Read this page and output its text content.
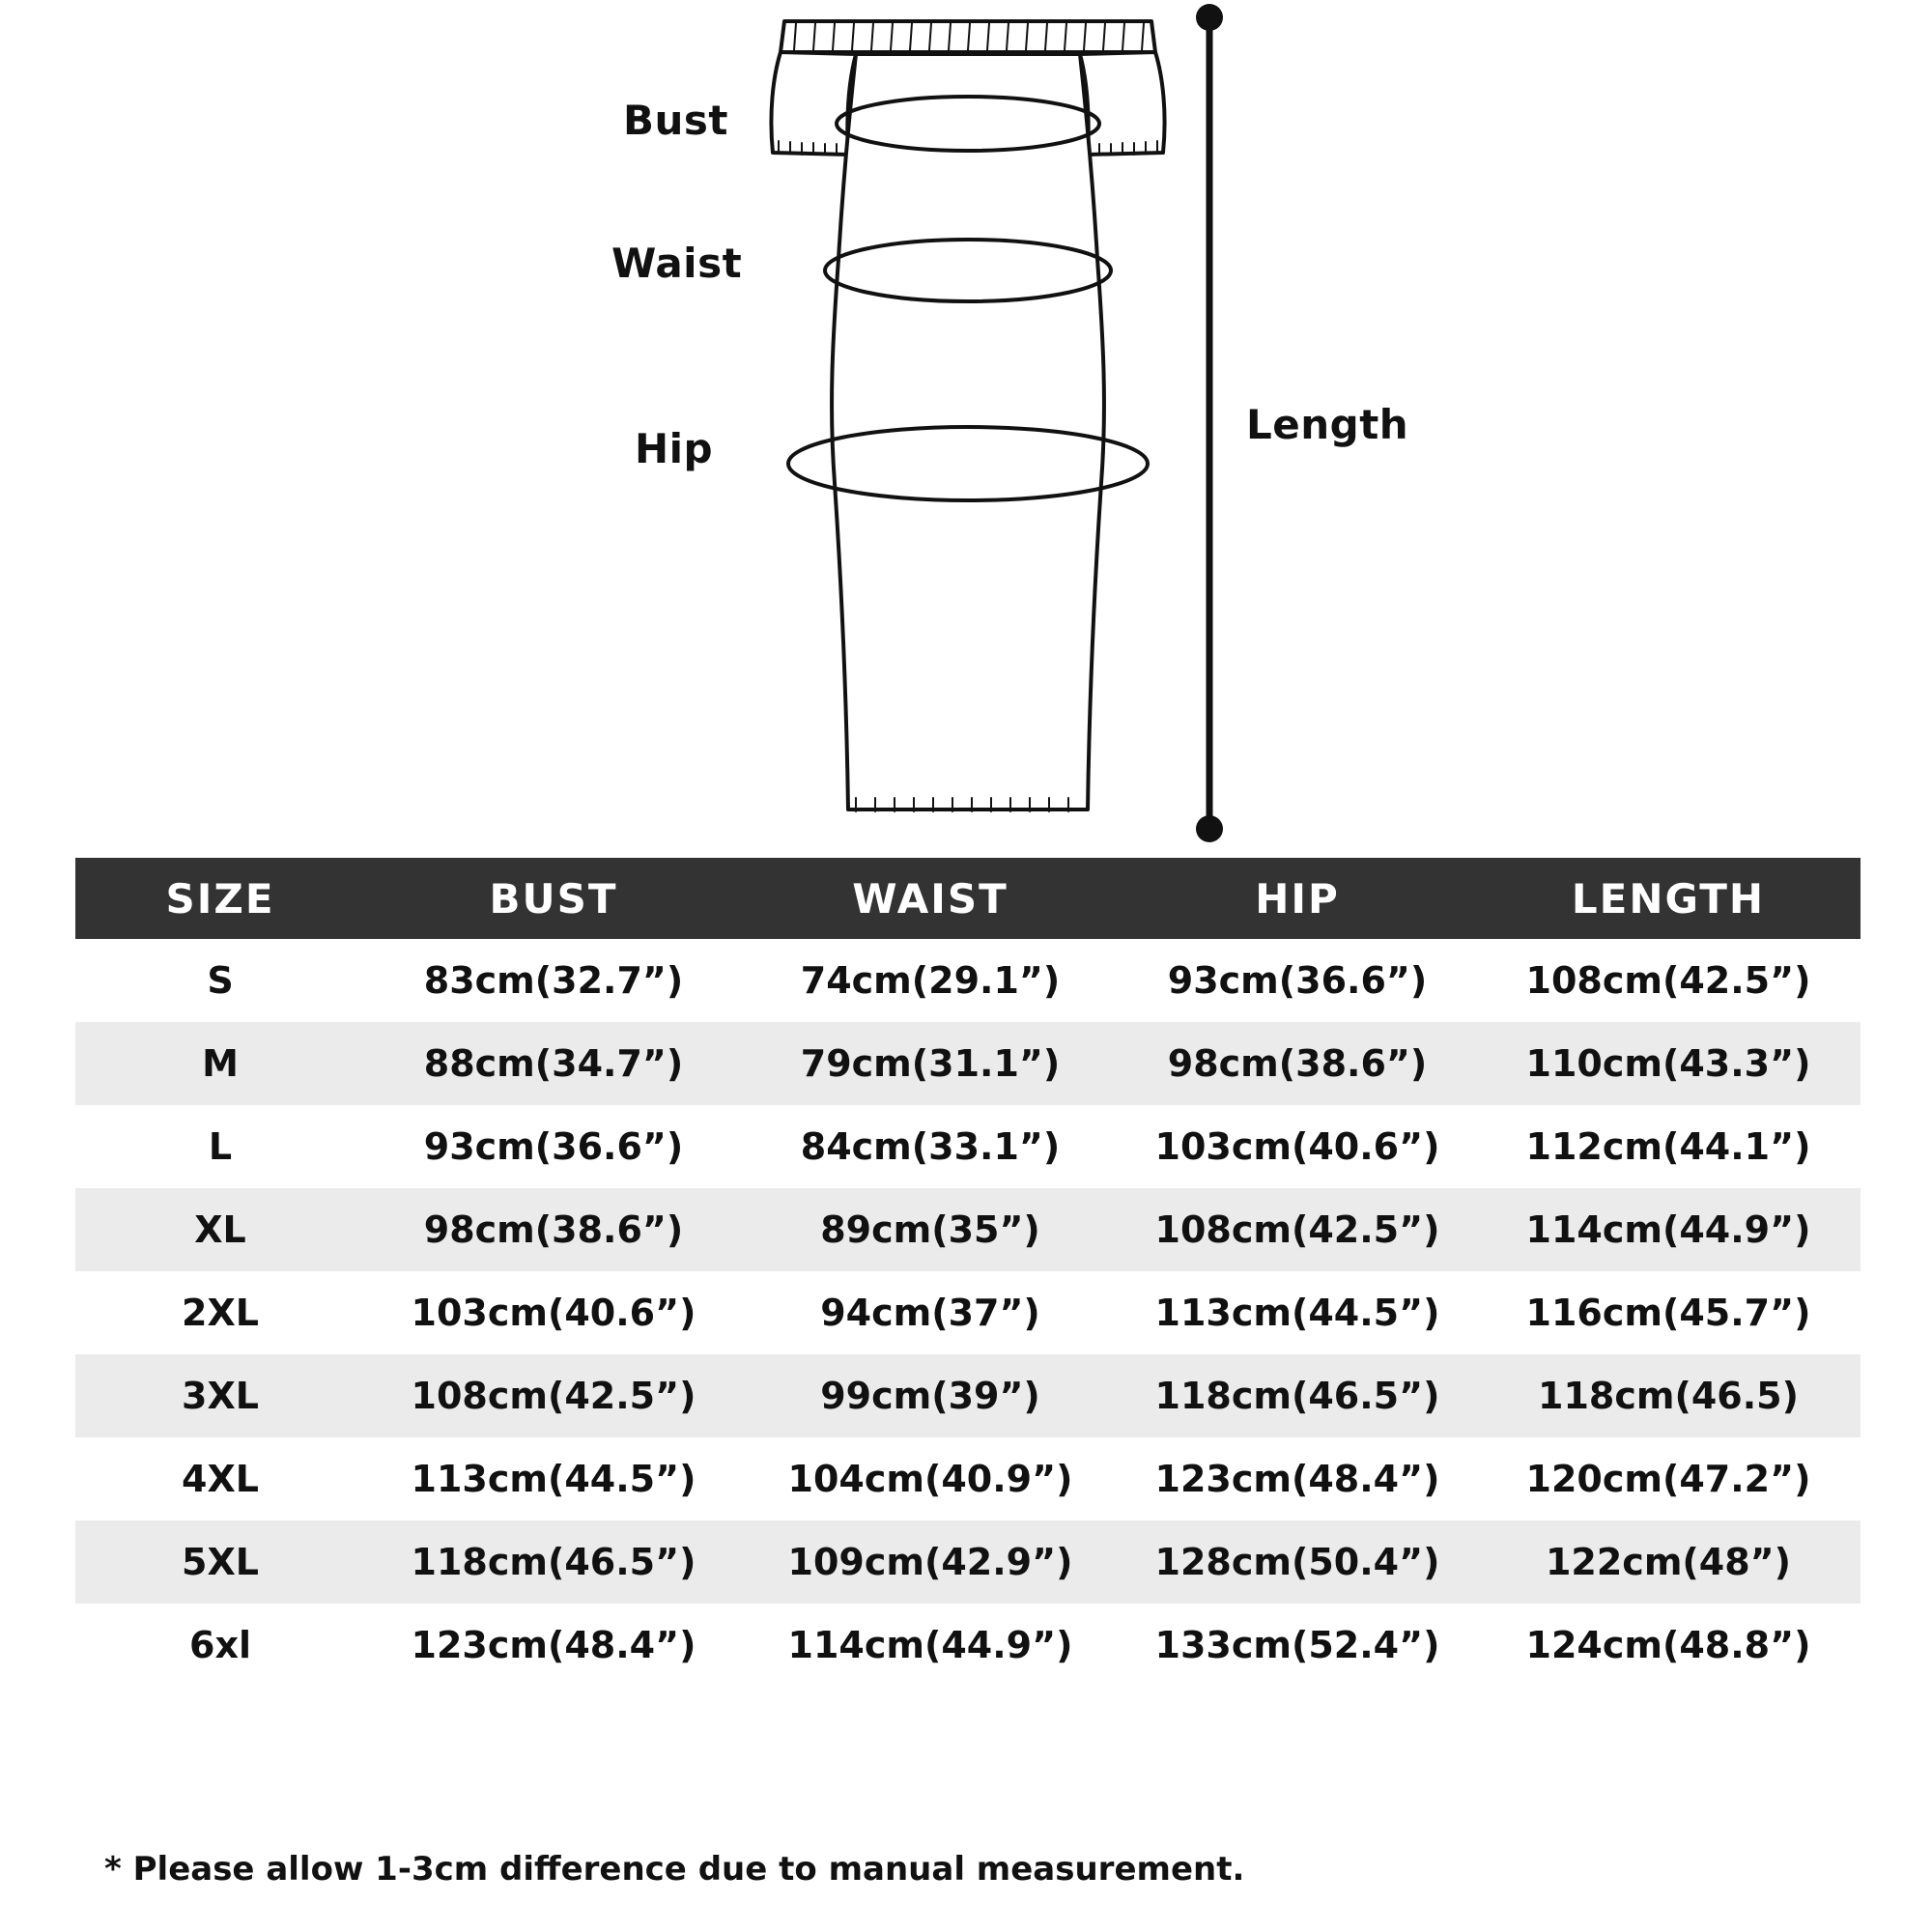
Bust
Waist
Hip
Length
SIZE	BUST	WAIST	HIP	LENGTH
S	83cm(32.7”)	74cm(29.1”)	93cm(36.6”)	108cm(42.5”)
M	88cm(34.7”)	79cm(31.1”)	98cm(38.6”)	110cm(43.3”)
L	93cm(36.6”)	84cm(33.1”)	103cm(40.6”)	112cm(44.1”)
XL	98cm(38.6”)	89cm(35”)	108cm(42.5”)	114cm(44.9”)
2XL	103cm(40.6”)	94cm(37”)	113cm(44.5”)	116cm(45.7”)
3XL	108cm(42.5”)	99cm(39”)	118cm(46.5”)	118cm(46.5)
4XL	113cm(44.5”)	104cm(40.9”)	123cm(48.4”)	120cm(47.2”)
5XL	118cm(46.5”)	109cm(42.9”)	128cm(50.4”)	122cm(48”)
6xl	123cm(48.4”)	114cm(44.9”)	133cm(52.4”)	124cm(48.8”)
* Please allow 1-3cm difference due to manual measurement.
